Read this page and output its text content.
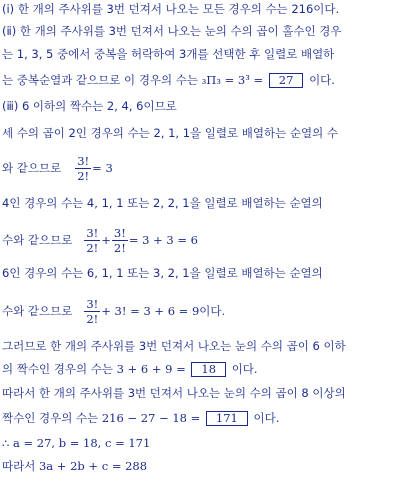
(ⅰ) 한 개의 주사위를 3번 던져서 나오는 모든 경우의 수는 216이다.
(ⅱ) 한 개의 주사위를 3번 던져서 나오는 눈의 수의 곱이 홀수인 경우
는 1, 3, 5 중에서 중복을 허락하여 3개를 선택한 후 일렬로 배열하
는 중복순열과 같으므로 이 경우의 수는 ₃Π₃ = 3³ = 27 이다.
(ⅲ) 6 이하의 짝수는 2, 4, 6이므로
세 수의 곱이 2인 경우의 수는 2, 1, 1을 일렬로 배열하는 순열의 수
와 같으므로 $\frac{3!}{2!} = 3$
4인 경우의 수는 4, 1, 1 또는 2, 2, 1을 일렬로 배열하는 순열의
수와 같으므로 $\frac{3!}{2!} + \frac{3!}{2!} = 3 + 3 = 6$
6인 경우의 수는 6, 1, 1 또는 3, 2, 1을 일렬로 배열하는 순열의
수와 같으므로 $\frac{3!}{2!} + 3$! = 3 + 6 = 9이다.
그러므로 한 개의 주사위를 3번 던져서 나오는 눈의 수의 곱이 6 이하
의 짝수인 경우의 수는 3 + 6 + 9 = 18 이다.
따라서 한 개의 주사위를 3번 던져서 나오는 눈의 수의 곱이 8 이상의
짝수인 경우의 수는 216 − 27 − 18 = 171 이다.
∴ a = 27, b = 18, c = 171
따라서 3a + 2b + c = 288
